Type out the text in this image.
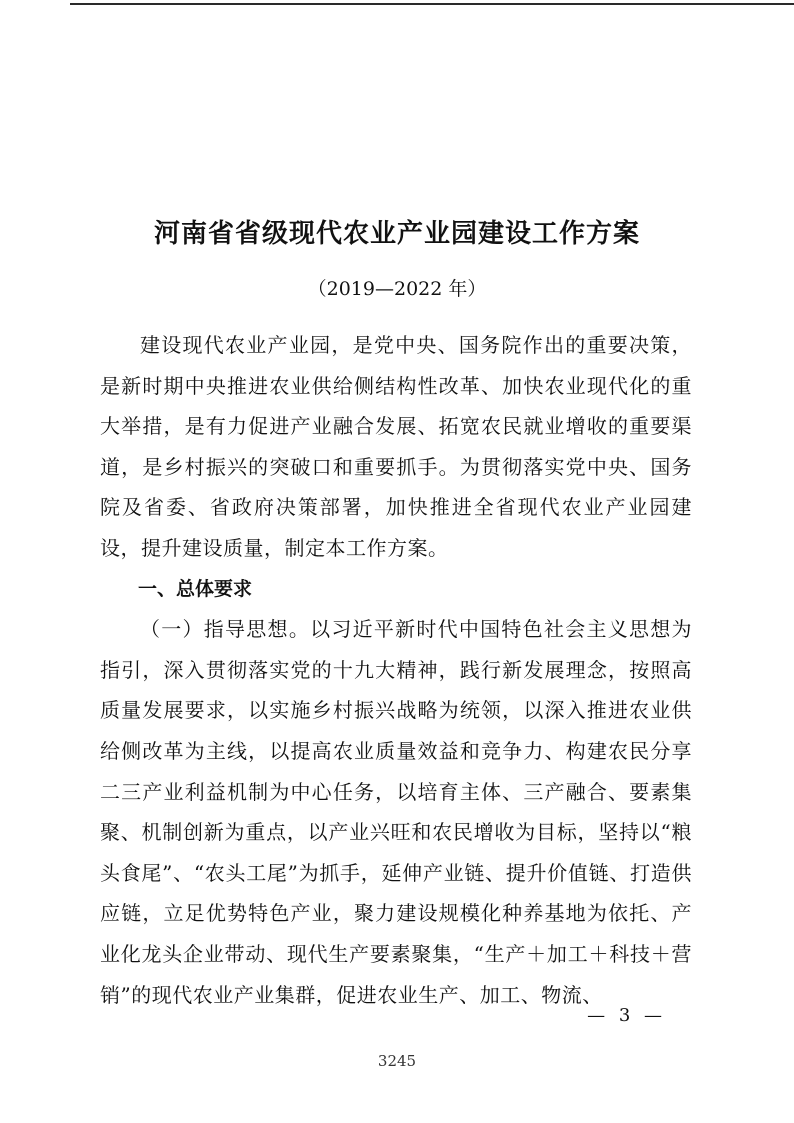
河南省省级现代农业产业园建设工作方案

（2019—2022 年）

建设现代农业产业园，是党中央、国务院作出的重要决策，是新时期中央推进农业供给侧结构性改革、加快农业现代化的重大举措，是有力促进产业融合发展、拓宽农民就业增收的重要渠道，是乡村振兴的突破口和重要抓手。为贯彻落实党中央、国务院及省委、省政府决策部署，加快推进全省现代农业产业园建设，提升建设质量，制定本工作方案。

一、总体要求

（一）指导思想。以习近平新时代中国特色社会主义思想为指引，深入贯彻落实党的十九大精神，践行新发展理念，按照高质量发展要求，以实施乡村振兴战略为统领，以深入推进农业供给侧改革为主线，以提高农业质量效益和竞争力、构建农民分享二三产业利益机制为中心任务，以培育主体、三产融合、要素集聚、机制创新为重点，以产业兴旺和农民增收为目标，坚持以“粮头食尾”、“农头工尾”为抓手，延伸产业链、提升价值链、打造供应链，立足优势特色产业，聚力建设规模化种养基地为依托、产业化龙头企业带动、现代生产要素聚集，“生产＋加工＋科技＋营销”的现代农业产业集群，促进农业生产、加工、物流、

— 3 —
3245
